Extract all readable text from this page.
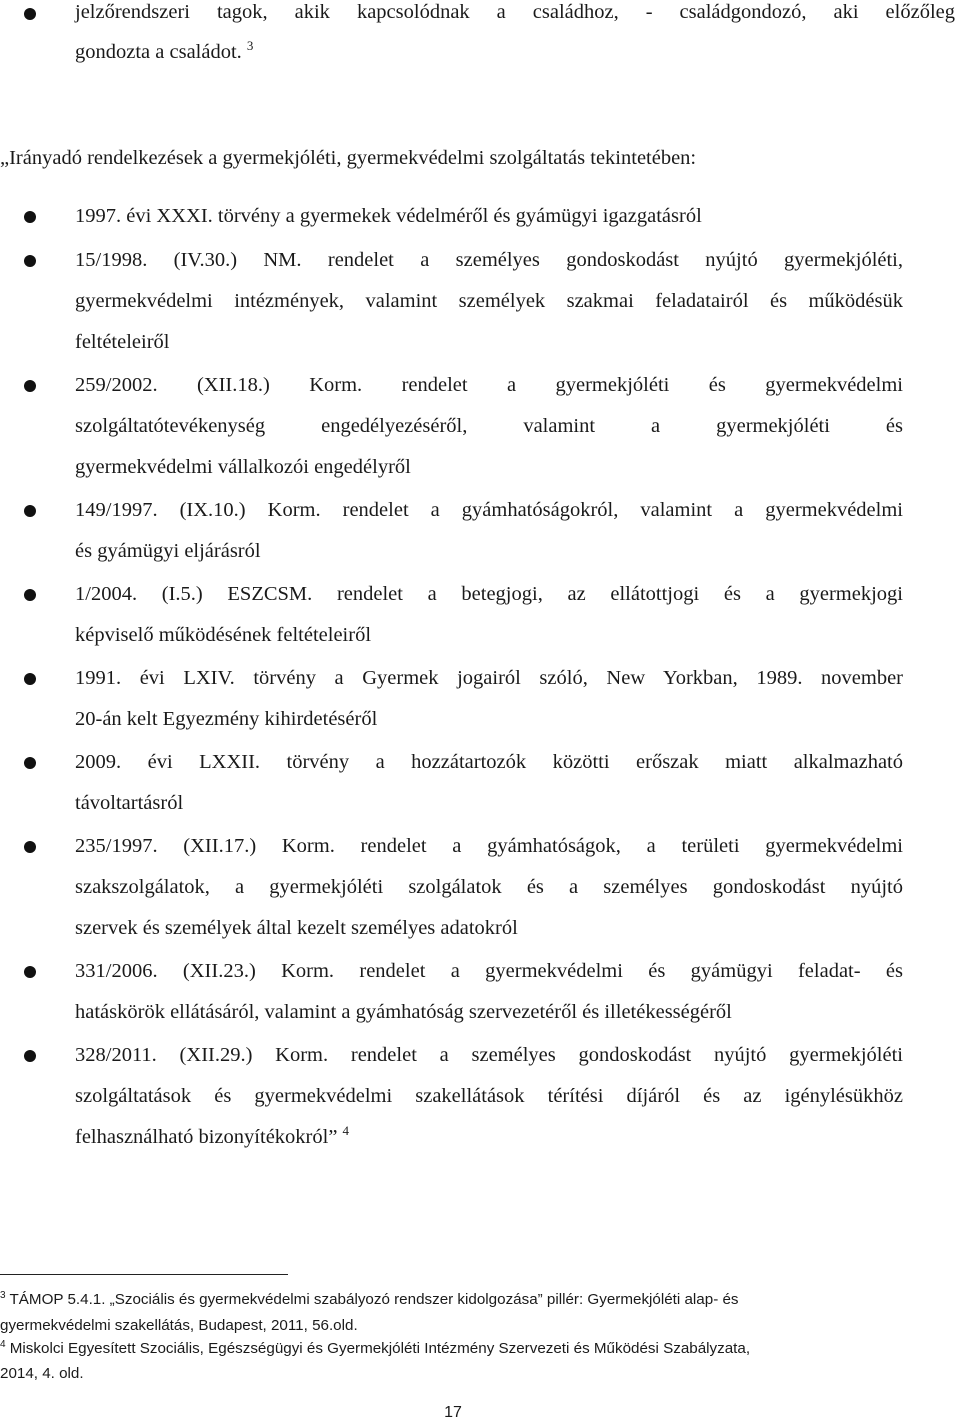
jelzőrendszeri tagok, akik kapcsolódnak a családhoz, - családgondozó, aki előzőleg
gondozta a családot. $^3$
„Irányadó rendelkezések a gyermekjóléti, gyermekvédelmi szolgáltatás tekintetében:
1997. évi XXXI. törvény a gyermekek védelméről és gyámügyi igazgatásról
15/1998. (IV.30.) NM. rendelet a személyes gondoskodást nyújtó gyermekjóléti,
gyermekvédelmi intézmények, valamint személyek szakmai feladatairól és működésük
feltételeiről
259/2002. (XII.18.) Korm. rendelet a gyermekjóléti és gyermekvédelmi
szolgáltatótevékenység engedélyezéséről, valamint a gyermekjóléti és
gyermekvédelmi vállalkozói engedélyről
149/1997. (IX.10.) Korm. rendelet a gyámhatóságokról, valamint a gyermekvédelmi
és gyámügyi eljárásról
1/2004. (I.5.) ESZCSM. rendelet a betegjogi, az ellátottjogi és a gyermekjogi
képviselő működésének feltételeiről
1991. évi LXIV. törvény a Gyermek jogairól szóló, New Yorkban, 1989. november
20-án kelt Egyezmény kihirdetéséről
2009. évi LXXII. törvény a hozzátartozók közötti erőszak miatt alkalmazható
távoltartásról
235/1997. (XII.17.) Korm. rendelet a gyámhatóságok, a területi gyermekvédelmi
szakszolgálatok, a gyermekjóléti szolgálatok és a személyes gondoskodást nyújtó
szervek és személyek által kezelt személyes adatokról
331/2006. (XII.23.) Korm. rendelet a gyermekvédelmi és gyámügyi feladat- és
hatáskörök ellátásáról, valamint a gyámhatóság szervezetéről és illetékességéről
328/2011. (XII.29.) Korm. rendelet a személyes gondoskodást nyújtó gyermekjóléti
szolgáltatások és gyermekvédelmi szakellátások térítési díjáról és az igénylésükhöz
felhasználható bizonyítékokról” $^4$
$^3$ TÁMOP 5.4.1. „Szociális és gyermekvédelmi szabályozó rendszer kidolgozása” pillér: Gyermekjóléti alap- és
gyermekvédelmi szakellátás, Budapest, 2011, 56.old.
$^4$ Miskolci Egyesített Szociális, Egészségügyi és Gyermekjóléti Intézmény Szervezeti és Működési Szabályzata,
2014, 4. old.
17
